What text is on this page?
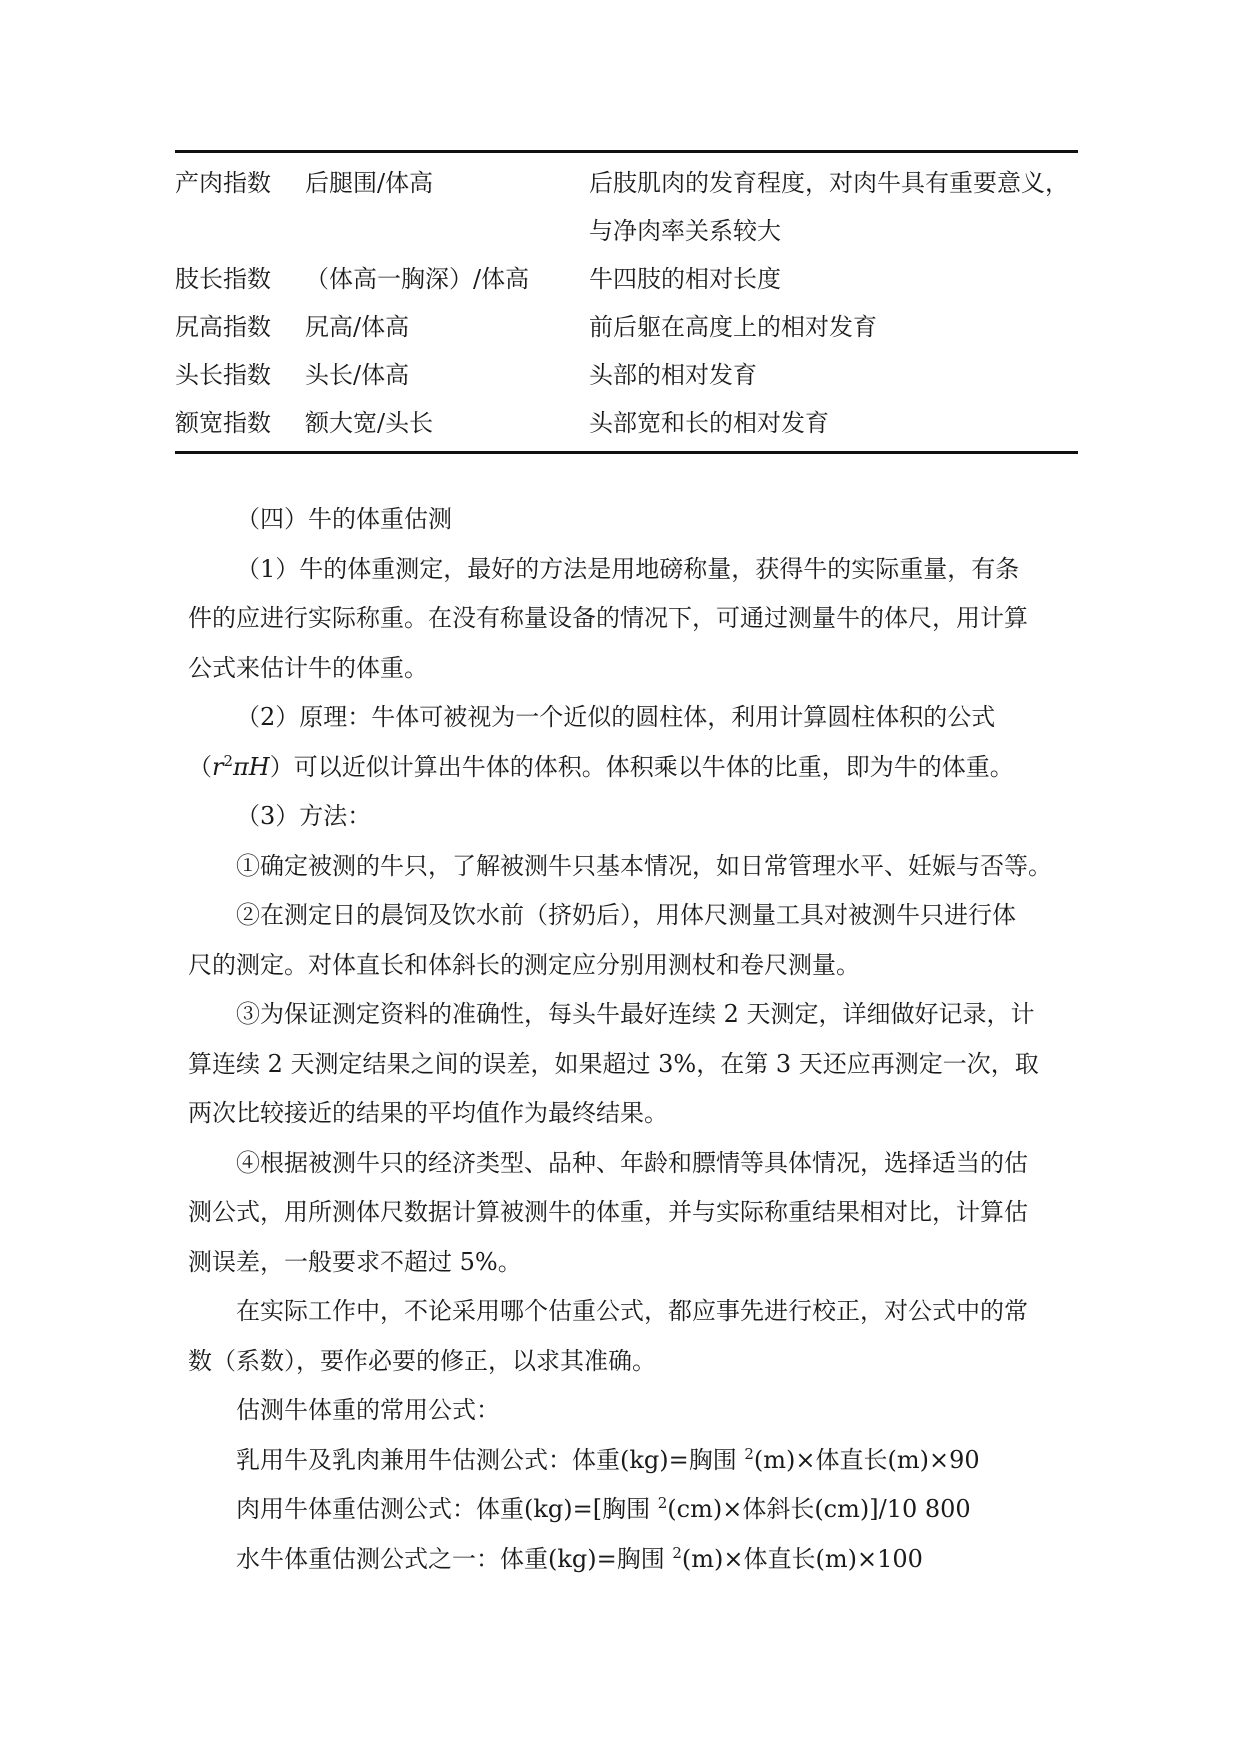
产肉指数	后腿围/体高	后肢肌肉的发育程度，对肉牛具有重要意义，
与净肉率关系较大
肢长指数	（体高一胸深）/体高	牛四肢的相对长度
尻高指数	尻高/体高	前后躯在高度上的相对发育
头长指数	头长/体高	头部的相对发育
额宽指数	额大宽/头长	头部宽和长的相对发育

（四）牛的体重估测

（1）牛的体重测定，最好的方法是用地磅称量，获得牛的实际重量，有条
件的应进行实际称重。在没有称量设备的情况下，可通过测量牛的体尺，用计算
公式来估计牛的体重。

（2）原理：牛体可被视为一个近似的圆柱体，利用计算圆柱体积的公式
$(r^2\pi H)$可以近似计算出牛体的体积。体积乘以牛体的比重，即为牛的体重。

（3）方法：

①确定被测的牛只，了解被测牛只基本情况，如日常管理水平、妊娠与否等。

②在测定日的晨饲及饮水前（挤奶后），用体尺测量工具对被测牛只进行体
尺的测定。对体直长和体斜长的测定应分别用测杖和卷尺测量。

③为保证测定资料的准确性，每头牛最好连续 2 天测定，详细做好记录，计
算连续 2 天测定结果之间的误差，如果超过 3%，在第 3 天还应再测定一次，取
两次比较接近的结果的平均值作为最终结果。

④根据被测牛只的经济类型、品种、年龄和膘情等具体情况，选择适当的估
测公式，用所测体尺数据计算被测牛的体重，并与实际称重结果相对比，计算估
测误差，一般要求不超过 5%。

在实际工作中，不论采用哪个估重公式，都应事先进行校正，对公式中的常
数（系数），要作必要的修正，以求其准确。

估测牛体重的常用公式：

乳用牛及乳肉兼用牛估测公式：体重(kg)=胸围 $^2$(m)×体直长(m)×90

肉用牛体重估测公式：体重(kg)=[胸围 $^2$(cm)×体斜长(cm)]/10 800

水牛体重估测公式之一：体重(kg)=胸围 $^2$(m)×体直长(m)×100
